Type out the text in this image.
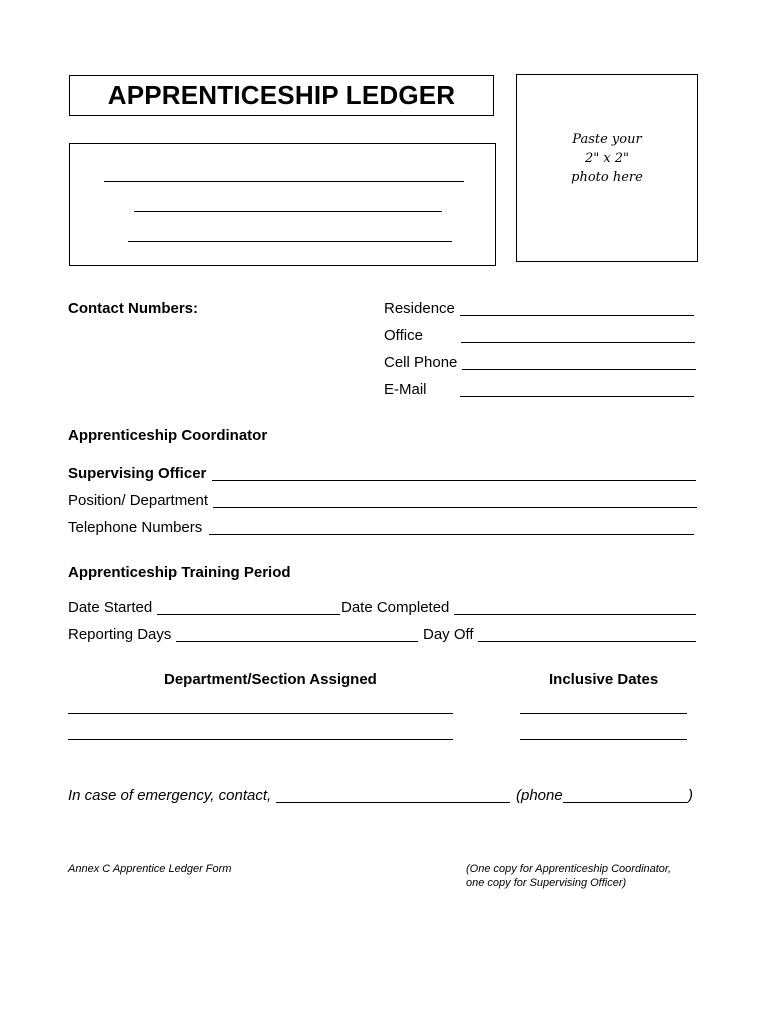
APPRENTICESHIP LEDGER
Paste your
2" x 2"
photo here
Contact Numbers:	Residence
Office
Cell Phone
E-Mail
Apprenticeship Coordinator
Supervising Officer
Position/ Department
Telephone Numbers
Apprenticeship Training Period
Date Started	Date Completed
Reporting Days	Day Off
Department/Section Assigned	Inclusive Dates
In case of emergency, contact,	(phone	)
Annex C Apprentice Ledger Form	(One copy for Apprenticeship Coordinator,
one copy for Supervising Officer)
